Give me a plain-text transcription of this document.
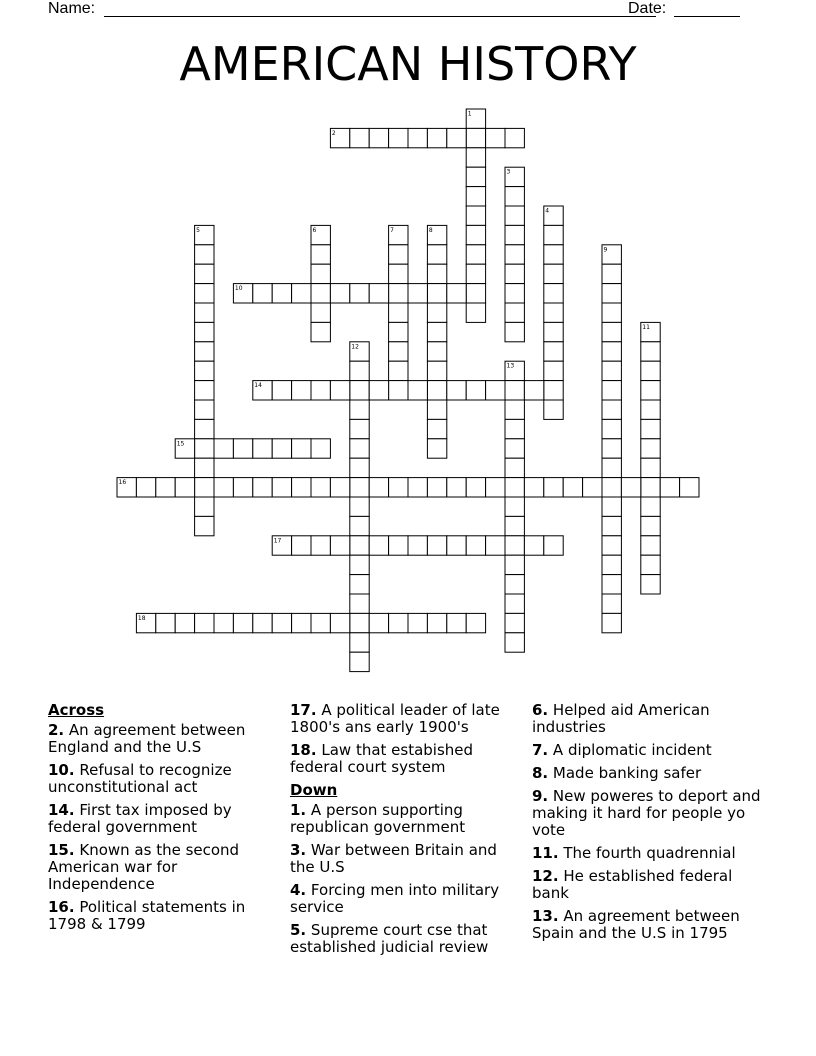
Name:	Date:
AMERICAN HISTORY
1
2
3
4
5	6	7	8
9
10
11
12
13
14
15
16
17
18
Across
2. An agreement between England and the U.S
10. Refusal to recognize unconstitutional act
14. First tax imposed by federal government
15. Known as the second American war for Independence
16. Political statements in 1798 & 1799
17. A political leader of late 1800's ans early 1900's
18. Law that estabished federal court system
Down
1. A person supporting republican government
3. War between Britain and the U.S
4. Forcing men into military service
5. Supreme court cse that established judicial review
6. Helped aid American industries
7. A diplomatic incident
8. Made banking safer
9. New poweres to deport and making it hard for people yo vote
11. The fourth quadrennial
12. He established federal bank
13. An agreement between Spain and the U.S in 1795
